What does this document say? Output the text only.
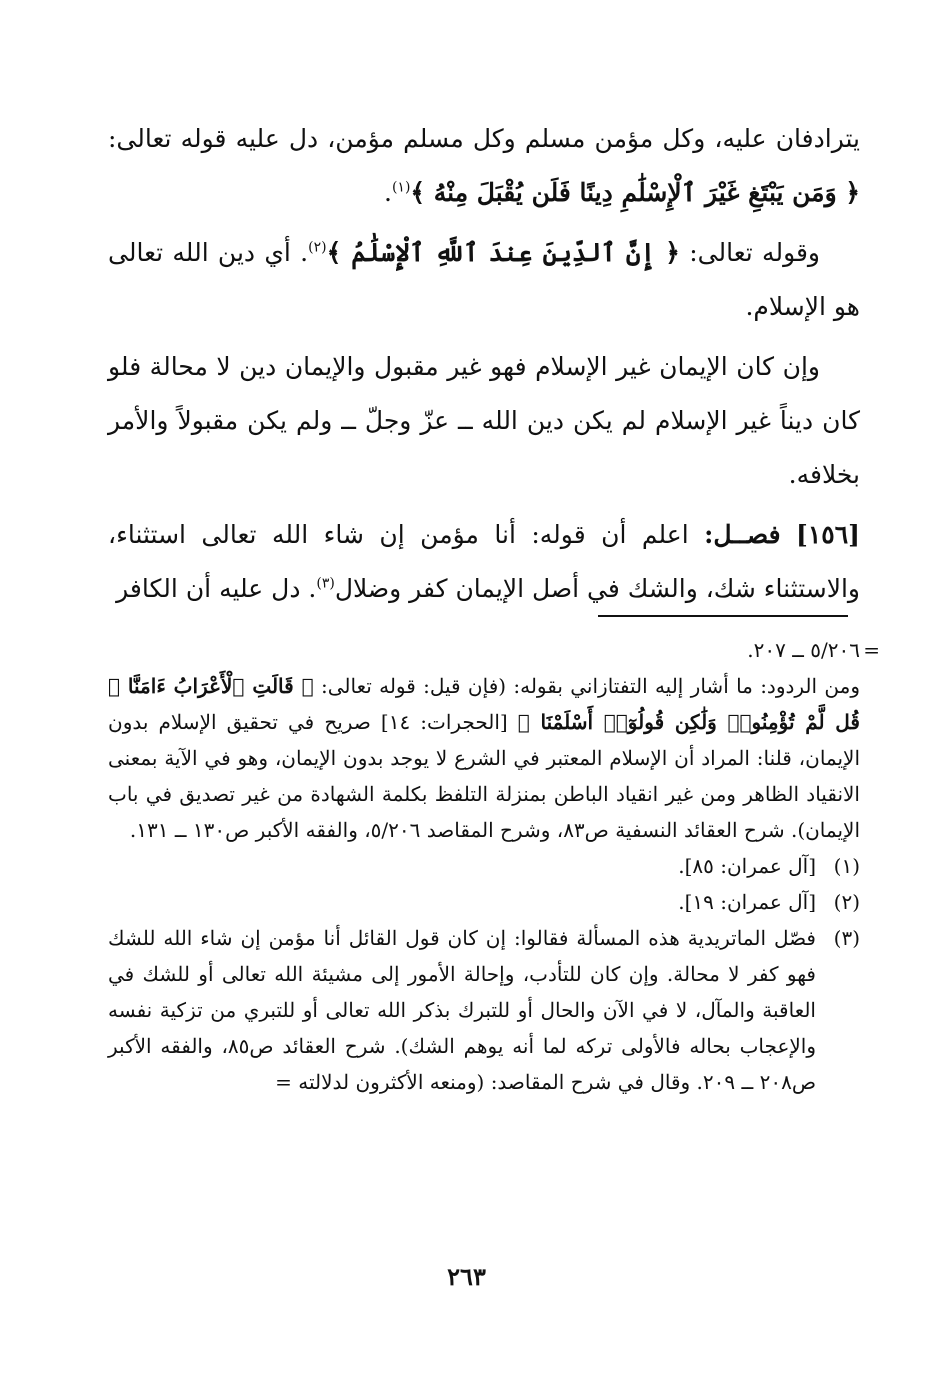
يترادفان عليه، وكل مؤمن مسلم وكل مسلم مؤمن، دل عليه قوله تعالى: ﴿ وَمَن يَبْتَغِ غَيْرَ ٱلْإِسْلَٰمِ دِينًا فَلَن يُقْبَلَ مِنْهُ ﴾$^{(١)}$.

وقوله تعالى: ﴿ إِنَّ ٱلدِّينَ عِندَ ٱللَّهِ ٱلْإِسْلَٰمُ ﴾$^{(٢)}$. أي دين الله تعالى هو الإسلام.

وإن كان الإيمان غير الإسلام فهو غير مقبول والإيمان دين لا محالة فلو كان ديناً غير الإسلام لم يكن دين الله ــ عزّ وجلّ ــ ولم يكن مقبولاً والأمر بخلافه.

[١٥٦] فصــل: اعلم أن قوله: أنا مؤمن إن شاء الله تعالى استثناء، والاستثناء شك، والشك في أصل الإيمان كفر وضلال$^{(٣)}$. دل عليه أن الكافر

=

٥/٢٠٦ ــ ٢٠٧.

ومن الردود: ما أشار إليه التفتازاني بقوله: (فإن قيل: قوله تعالى: ﴿ قَالَتِ ٱلْأَعْرَابُ ءَامَنَّا ۖ قُل لَّمْ تُؤْمِنُوا۟ وَلَٰكِن قُولُوٓا۟ أَسْلَمْنَا ﴾ [الحجرات: ١٤] صريح في تحقيق الإسلام بدون الإيمان، قلنا: المراد أن الإسلام المعتبر في الشرع لا يوجد بدون الإيمان، وهو في الآية بمعنى الانقياد الظاهر ومن غير انقياد الباطن بمنزلة التلفظ بكلمة الشهادة من غير تصديق في باب الإيمان). شرح العقائد النسفية ص٨٣، وشرح المقاصد ٥/٢٠٦، والفقه الأكبر ص١٣٠ ــ ١٣١.

(١)
[آل عمران: ٨٥].

(٢)
[آل عمران: ١٩].

(٣)
فصّل الماتريدية هذه المسألة فقالوا: إن كان قول القائل أنا مؤمن إن شاء الله للشك فهو كفر لا محالة. وإن كان للتأدب، وإحالة الأمور إلى مشيئة الله تعالى أو للشك في العاقبة والمآل، لا في الآن والحال أو للتبرك بذكر الله تعالى أو للتبري من تزكية نفسه والإعجاب بحاله فالأولى تركه لما أنه يوهم الشك). شرح العقائد ص٨٥، والفقه الأكبر ص٢٠٨ ــ ٢٠٩. وقال في شرح المقاصد: (ومنعه الأكثرون لدلالته =

٢٦٣
